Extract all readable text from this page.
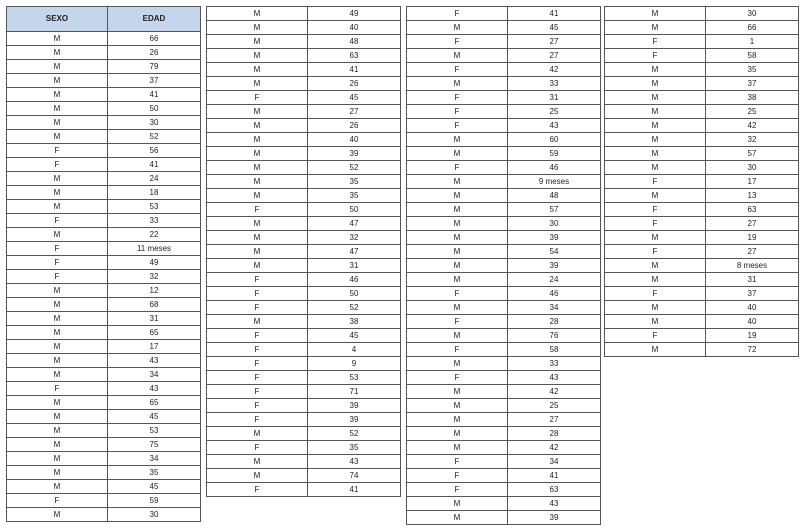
SEXO	EDAD
M	66
M	26
M	79
M	37
M	41
M	50
M	30
M	52
F	56
F	41
M	24
M	18
M	53
F	33
M	22
F	11 meses
F	49
F	32
M	12
M	68
M	31
M	65
M	17
M	43
M	34
F	43
M	65
M	45
M	53
M	75
M	34
M	35
M	45
F	59
M	30
M	49
M	40
M	48
M	63
M	41
M	26
F	45
M	27
M	26
M	40
M	39
M	52
M	35
M	35
F	50
M	47
M	32
M	47
M	31
F	46
F	50
F	52
M	38
F	45
F	4
F	9
F	53
F	71
F	39
F	39
M	52
F	35
M	43
M	74
F	41
F	41
M	45
F	27
M	27
F	42
M	33
F	31
F	25
F	43
M	60
M	59
F	46
M	9 meses
M	48
M	57
M	30
M	39
M	54
M	39
M	24
F	46
M	34
F	28
M	76
F	58
M	33
F	43
M	42
M	25
M	27
M	28
M	42
F	34
F	41
F	63
M	43
M	39
M	30
M	66
F	1
F	58
M	35
M	37
M	38
M	25
M	42
M	32
M	57
M	30
F	17
M	13
F	63
F	27
M	19
F	27
M	8 meses
M	31
F	37
M	40
M	40
F	19
M	72
